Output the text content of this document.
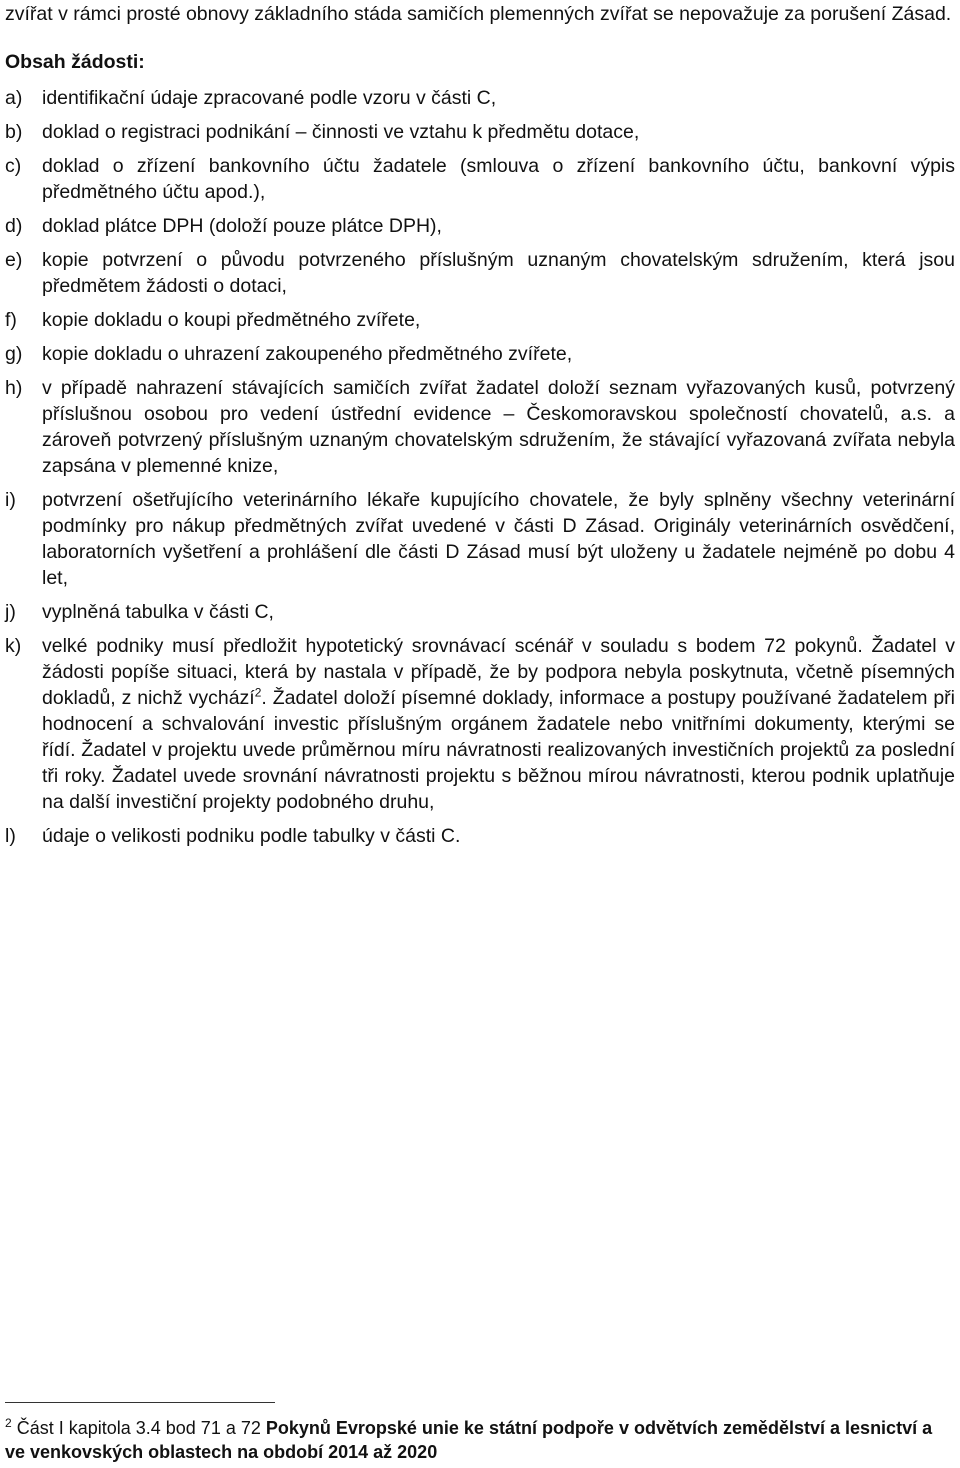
zvířat v rámci prosté obnovy základního stáda samičích plemenných zvířat se nepovažuje za porušení Zásad.

Obsah žádosti:
a)	identifikační údaje zpracované podle vzoru v části C,
b)	doklad o registraci podnikání – činnosti ve vztahu k předmětu dotace,
c)	doklad o zřízení bankovního účtu žadatele (smlouva o zřízení bankovního účtu, bankovní výpis předmětného účtu apod.),
d)	doklad plátce DPH (doloží pouze plátce DPH),
e)	kopie potvrzení o původu potvrzeného příslušným uznaným chovatelským sdružením, která jsou předmětem žádosti o dotaci,
f)	kopie dokladu o koupi předmětného zvířete,
g)	kopie dokladu o uhrazení zakoupeného předmětného zvířete,
h)	v případě nahrazení stávajících samičích zvířat žadatel doloží seznam vyřazovaných kusů, potvrzený příslušnou osobou pro vedení ústřední evidence – Českomoravskou společností chovatelů, a.s. a zároveň potvrzený příslušným uznaným chovatelským sdružením, že stávající vyřazovaná zvířata nebyla zapsána v plemenné knize,
i)	potvrzení ošetřujícího veterinárního lékaře kupujícího chovatele, že byly splněny všechny veterinární podmínky pro nákup předmětných zvířat uvedené v části D Zásad. Originály veterinárních osvědčení, laboratorních vyšetření a prohlášení dle části D Zásad musí být uloženy u žadatele nejméně po dobu 4 let,
j)	vyplněná tabulka v části C,
k)	velké podniky musí předložit hypotetický srovnávací scénář v souladu s bodem 72 pokynů. Žadatel v žádosti popíše situaci, která by nastala v případě, že by podpora nebyla poskytnuta, včetně písemných dokladů, z nichž vychází$^2$. Žadatel doloží písemné doklady, informace a postupy používané žadatelem při hodnocení a schvalování investic příslušným orgánem žadatele nebo vnitřními dokumenty, kterými se řídí. Žadatel v projektu uvede průměrnou míru návratnosti realizovaných investičních projektů za poslední tři roky. Žadatel uvede srovnání návratnosti projektu s běžnou mírou návratnosti, kterou podnik uplatňuje na další investiční projekty podobného druhu,
l)	údaje o velikosti podniku podle tabulky v části C.
$^2$ Část I kapitola 3.4 bod 71 a 72 Pokynů Evropské unie ke státní podpoře v odvětvích zemědělství a lesnictví a ve venkovských oblastech na období 2014 až 2020
